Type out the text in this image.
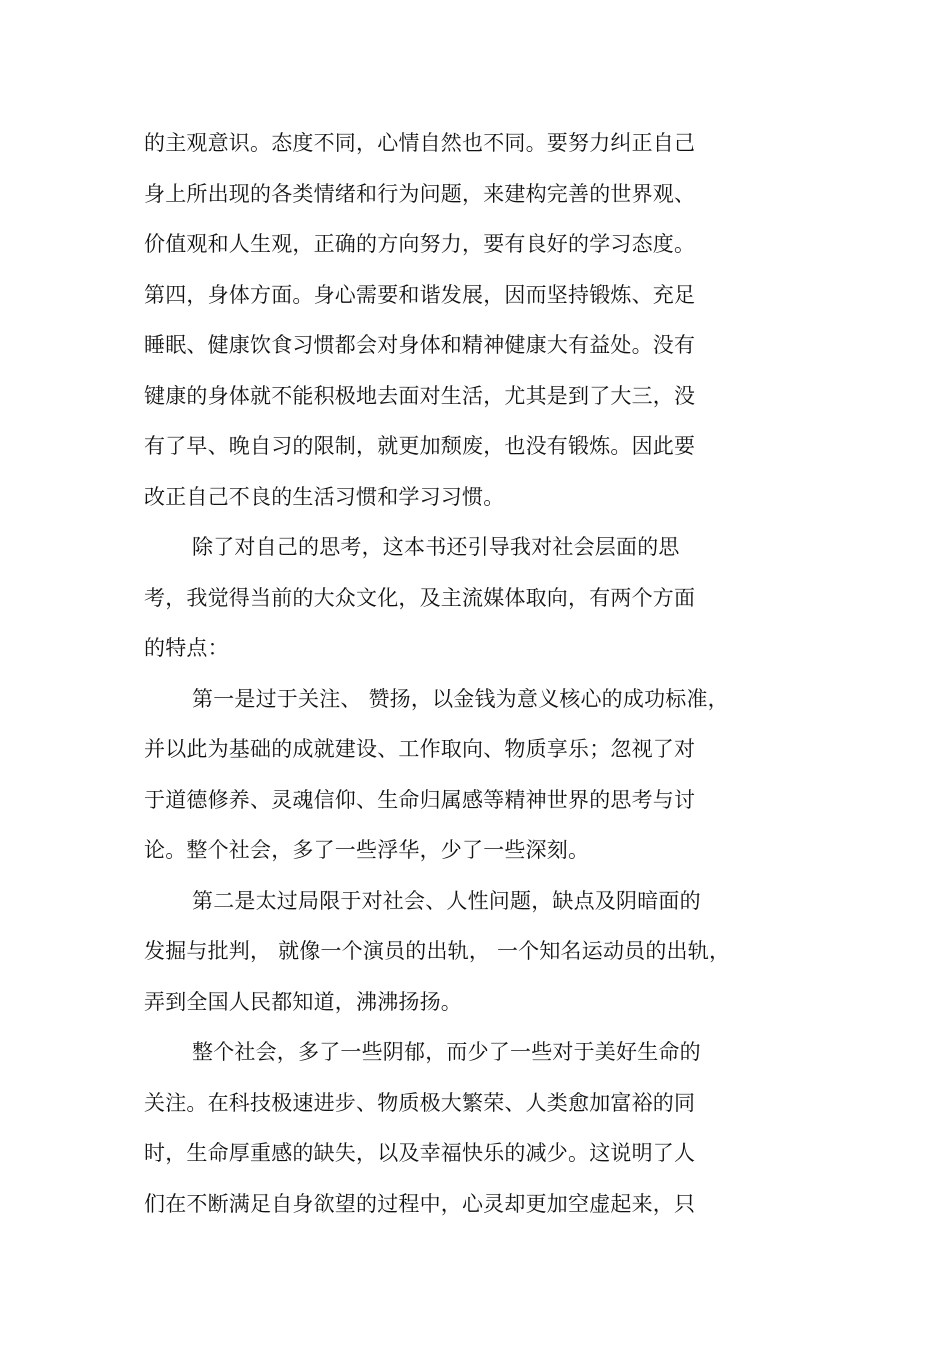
的主观意识。态度不同，心情自然也不同。要努力纠正自己
身上所出现的各类情绪和行为问题，来建构完善的世界观、
价值观和人生观，正确的方向努力，要有良好的学习态度。
第四，身体方面。身心需要和谐发展，因而坚持锻炼、充足
睡眠、健康饮食习惯都会对身体和精神健康大有益处。没有
键康的身体就不能积极地去面对生活，尤其是到了大三，没
有了早、晚自习的限制，就更加颓废，也没有锻炼。因此要
改正自己不良的生活习惯和学习习惯。
除了对自己的思考，这本书还引导我对社会层面的思
考，我觉得当前的大众文化，及主流媒体取向，有两个方面
的特点：
第一是过于关注、 赞扬，以金钱为意义核心的成功标准，
并以此为基础的成就建设、工作取向、物质享乐；忽视了对
于道德修养、灵魂信仰、生命归属感等精神世界的思考与讨
论。整个社会，多了一些浮华，少了一些深刻。
第二是太过局限于对社会、人性问题，缺点及阴暗面的
发掘与批判， 就像一个演员的出轨， 一个知名运动员的出轨，
弄到全国人民都知道，沸沸扬扬。
整个社会，多了一些阴郁，而少了一些对于美好生命的
关注。在科技极速进步、物质极大繁荣、人类愈加富裕的同
时，生命厚重感的缺失，以及幸福快乐的减少。这说明了人
们在不断满足自身欲望的过程中，心灵却更加空虚起来，只
